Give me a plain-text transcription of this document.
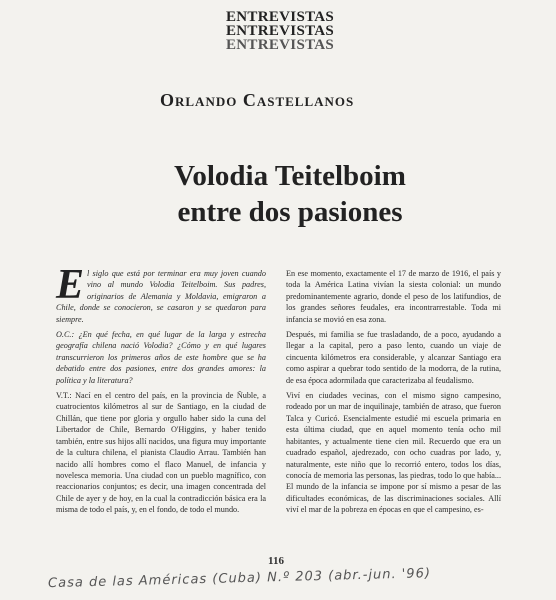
ENTREVISTAS
ENTREVISTAS
ENTREVISTAS
Orlando Castellanos
Volodia Teitelboim
entre dos pasiones

El siglo que está por terminar era muy joven cuando vino al mundo Volodia Teitelboim. Sus padres, originarios de Alemania y Moldavia, emigraron a Chile, donde se conocieron, se casaron y se quedaron para siempre.

O.C.: ¿En qué fecha, en qué lugar de la larga y estrecha geografía chilena nació Volodia? ¿Cómo y en qué lugares transcurrieron los primeros años de este hombre que se ha debatido entre dos pasiones, entre dos grandes amores: la política y la literatura?

V.T.: Nací en el centro del país, en la provincia de Ñuble, a cuatrocientos kilómetros al sur de Santiago, en la ciudad de Chillán, que tiene por gloria y orgullo haber sido la cuna del Libertador de Chile, Bernardo O'Higgins, y haber tenido también, entre sus hijos allí nacidos, una figura muy importante de la cultura chilena, el pianista Claudio Arrau. También han nacido allí hombres como el flaco Manuel, de infancia y novelesca memoria. Una ciudad con un pueblo magnífico, con reaccionarios conjuntos; es decir, una imagen concentrada del Chile de ayer y de hoy, en la cual la contradicción básica era la misma de todo el país, y, en el fondo, de todo el mundo.

En ese momento, exactamente el 17 de marzo de 1916, el país y toda la América Latina vivían la siesta colonial: un mundo predominantemente agrario, donde el peso de los latifundios, de los grandes señores feudales, era incontrarrestable. Toda mi infancia se movió en esa zona.

Después, mi familia se fue trasladando, de a poco, ayudando a llegar a la capital, pero a paso lento, cuando un viaje de cincuenta kilómetros era considerable, y alcanzar Santiago era como aspirar a quebrar todo sentido de la modorra, de la rutina, de esa época adormilada que caracterizaba al feudalismo.

Viví en ciudades vecinas, con el mismo signo campesino, rodeado por un mar de inquilinaje, también de atraso, que fueron Talca y Curicó. Esencialmente estudié mi escuela primaria en esta última ciudad, que en aquel momento tenía ocho mil habitantes, y actualmente tiene cien mil. Recuerdo que era un cuadrado español, ajedrezado, con ocho cuadras por lado, y, naturalmente, este niño que lo recorrió entero, todos los días, conocía de memoria las personas, las piedras, todo lo que había... El mundo de la infancia se impone por sí mismo a pesar de las dificultades económicas, de las discriminaciones sociales. Allí viví el mar de la pobreza en épocas en que el campesino, es-

116
Casa de las Américas (Cuba) N.º 203 (abr.-jun. '96)
